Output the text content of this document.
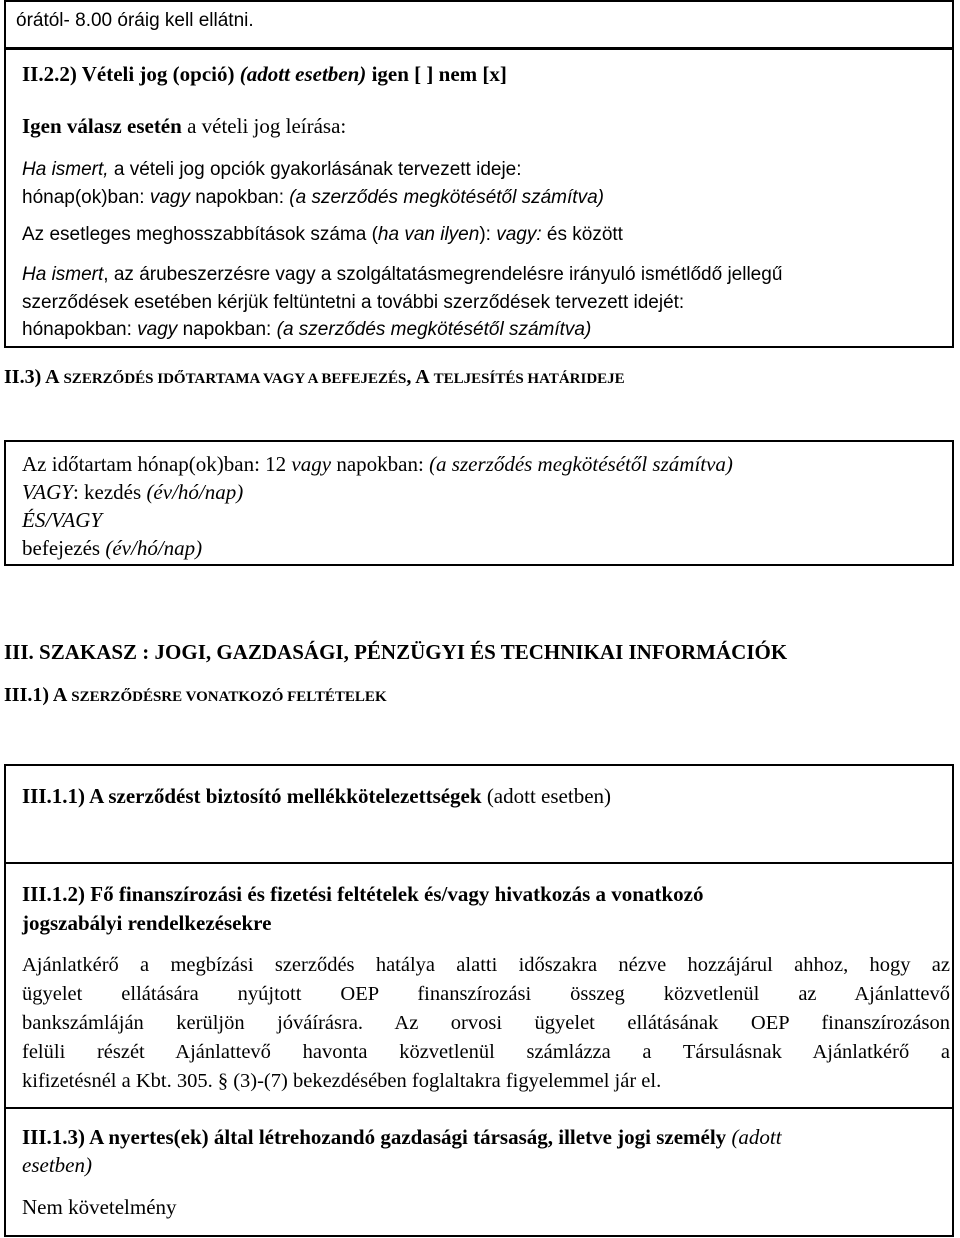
órától- 8.00 óráig kell ellátni.
II.2.2) Vételi jog (opció) (adott esetben) igen [ ] nem [x]
Igen válasz esetén a vételi jog leírása:
Ha ismert, a vételi jog opciók gyakorlásának tervezett ideje:
hónap(ok)ban: vagy napokban: (a szerződés megkötésétől számítva)
Az esetleges meghosszabbítások száma (ha van ilyen): vagy: és között
Ha ismert, az árubeszerzésre vagy a szolgáltatásmegrendelésre irányuló ismétlődő jellegű
szerződések esetében kérjük feltüntetni a további szerződések tervezett idejét:
hónapokban: vagy napokban: (a szerződés megkötésétől számítva)
II.3) A SZERZŐDÉS IDŐTARTAMA VAGY A BEFEJEZÉS, A TELJESÍTÉS HATÁRIDEJE
Az időtartam hónap(ok)ban: 12 vagy napokban: (a szerződés megkötésétől számítva)
VAGY: kezdés (év/hó/nap)
ÉS/VAGY
befejezés (év/hó/nap)
III. SZAKASZ : JOGI, GAZDASÁGI, PÉNZÜGYI ÉS TECHNIKAI INFORMÁCIÓK
III.1) A SZERZŐDÉSRE VONATKOZÓ FELTÉTELEK
III.1.1) A szerződést biztosító mellékkötelezettségek (adott esetben)
III.1.2) Fő finanszírozási és fizetési feltételek és/vagy hivatkozás a vonatkozó
jogszabályi rendelkezésekre
Ajánlatkérő a megbízási szerződés hatálya alatti időszakra nézve hozzájárul ahhoz, hogy az
ügyelet ellátására nyújtott OEP finanszírozási összeg közvetlenül az Ajánlattevő
bankszámláján kerüljön jóváírásra. Az orvosi ügyelet ellátásának OEP finanszírozáson
felüli részét Ajánlattevő havonta közvetlenül számlázza a Társulásnak Ajánlatkérő a
kifizetésnél a Kbt. 305. § (3)-(7) bekezdésében foglaltakra figyelemmel jár el.
III.1.3) A nyertes(ek) által létrehozandó gazdasági társaság, illetve jogi személy (adott
esetben)
Nem követelmény
